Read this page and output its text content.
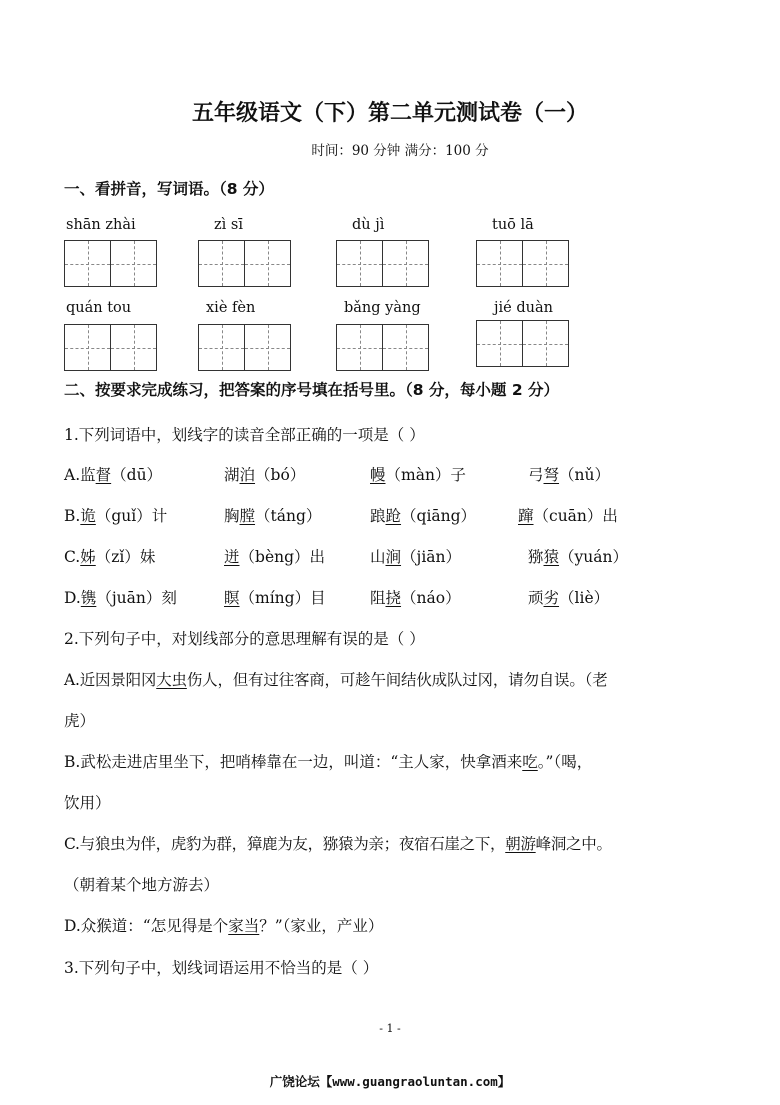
五年级语文（下）第二单元测试卷（一）
时间：90 分钟 满分：100 分
一、看拼音，写词语。（8 分）
shān zhài	zì sī	dù jì	tuō lā
quán tou	xiè fèn	bǎng yàng	jié duàn
二、按要求完成练习，把答案的序号填在括号里。（8 分，每小题 2 分）
1.下列词语中，划线字的读音全部正确的一项是（ ）
A.监督（dū）	湖泊（bó）	幔（màn）子	弓弩（nǔ）
B.诡（guǐ）计	胸膛（táng）	踉跄（qiāng）	蹿（cuān）出
C.姊（zǐ）妹	迸（bèng）出	山涧（jiān）	猕猿（yuán）
D.镌（juān）刻	瞑（míng）目	阻挠（náo）	顽劣（liè）
2.下列句子中，对划线部分的意思理解有误的是（ ）
A.近因景阳冈大虫伤人，但有过往客商，可趁午间结伙成队过冈，请勿自误。（老
虎）
B.武松走进店里坐下，把哨棒靠在一边，叫道：“主人家，快拿酒来吃。”（喝，
饮用）
C.与狼虫为伴，虎豹为群，獐鹿为友，猕猿为亲；夜宿石崖之下，朝游峰洞之中。
（朝着某个地方游去）
D.众猴道：“怎见得是个家当？”（家业，产业）
3.下列句子中，划线词语运用不恰当的是（ ）
- 1 -
广饶论坛【www.guangraoluntan.com】
